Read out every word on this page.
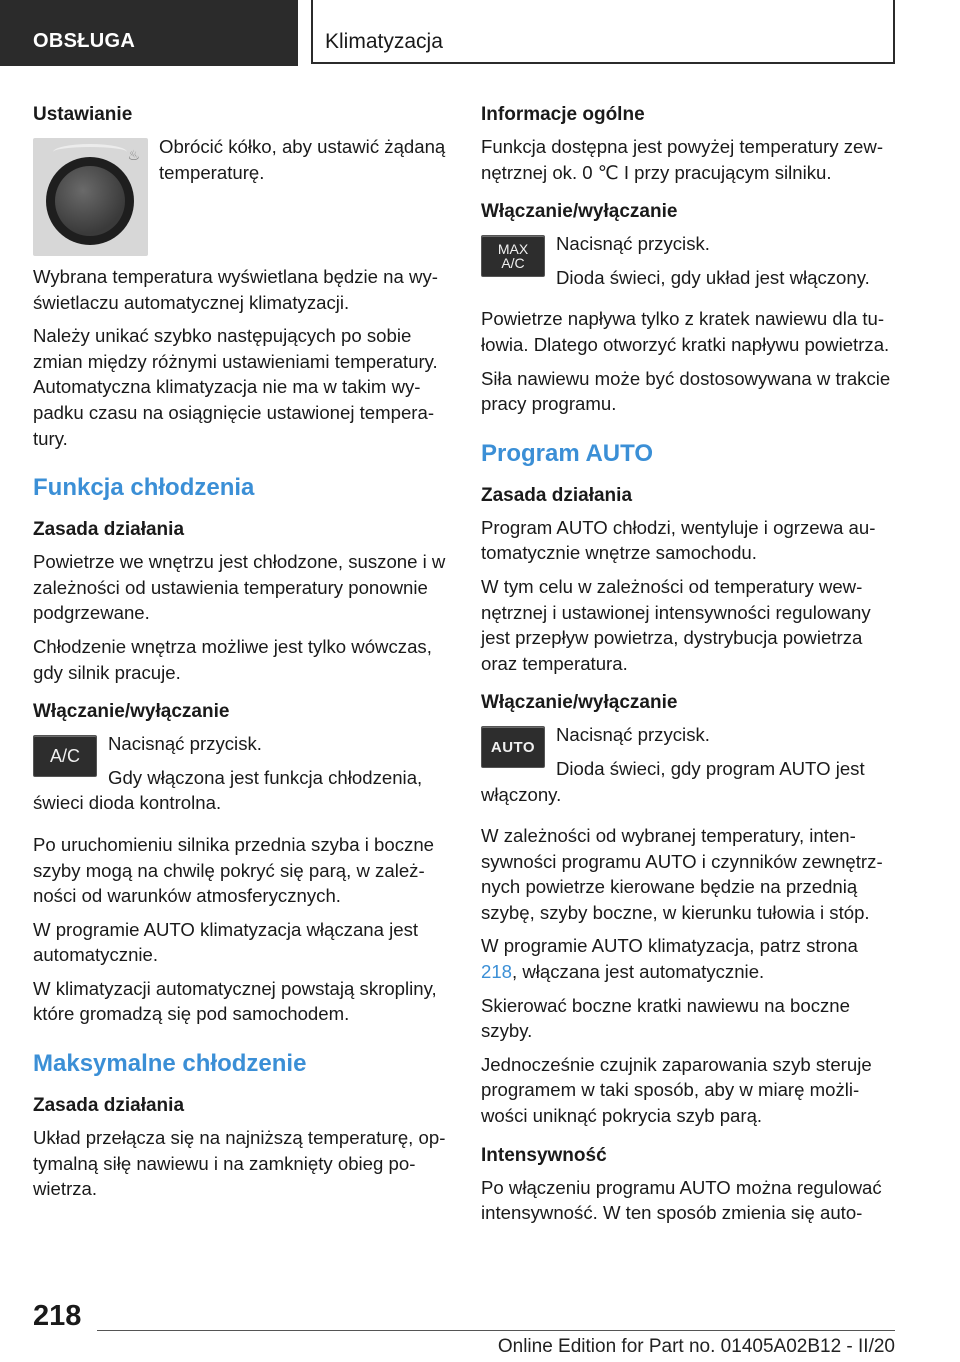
OBSŁUGA	Klimatyzacja
Ustawianie
♨ Obrócić kółko, aby ustawić żądaną temperaturę.

Wybrana temperatura wyświetlana będzie na wyświetlaczu automatycznej klimatyzacji.

Należy unikać szybko następujących po sobie zmian między różnymi ustawieniami temperatury. Automatyczna klimatyzacja nie ma w takim wypadku czasu na osiągnięcie ustawionej temperatury.

Funkcja chłodzenia
Zasada działania

Powietrze we wnętrzu jest chłodzone, suszone i w zależności od ustawienia temperatury ponownie podgrzewane.

Chłodzenie wnętrza możliwe jest tylko wówczas, gdy silnik pracuje.

Włączanie/wyłączanie
A/C

Nacisnąć przycisk.

Gdy włączona jest funkcja chłodzenia, świeci dioda kontrolna.

Po uruchomieniu silnika przednia szyba i boczne szyby mogą na chwilę pokryć się parą, w zależności od warunków atmosferycznych.

W programie AUTO klimatyzacja włączana jest automatycznie.

W klimatyzacji automatycznej powstają skropliny, które gromadzą się pod samochodem.

Maksymalne chłodzenie
Zasada działania

Układ przełącza się na najniższą temperaturę, optymalną siłę nawiewu i na zamknięty obieg powietrza.

Informacje ogólne

Funkcja dostępna jest powyżej temperatury zewnętrznej ok. 0 ℃ I przy pracującym silniku.

Włączanie/wyłączanie
MAX
A/C

Nacisnąć przycisk.

Dioda świeci, gdy układ jest włączony.

Powietrze napływa tylko z kratek nawiewu dla tułowia. Dlatego otworzyć kratki napływu powietrza.

Siła nawiewu może być dostosowywana w trakcie pracy programu.

Program AUTO
Zasada działania

Program AUTO chłodzi, wentyluje i ogrzewa automatycznie wnętrze samochodu.

W tym celu w zależności od temperatury wewnętrznej i ustawionej intensywności regulowany jest przepływ powietrza, dystrybucja powietrza oraz temperatura.

Włączanie/wyłączanie
AUTO

Nacisnąć przycisk.

Dioda świeci, gdy program AUTO jest włączony.

W zależności od wybranej temperatury, intensywności programu AUTO i czynników zewnętrznych powietrze kierowane będzie na przednią szybę, szyby boczne, w kierunku tułowia i stóp.

W programie AUTO klimatyzacja, patrz strona 218, włączana jest automatycznie.

Skierować boczne kratki nawiewu na boczne szyby.

Jednocześnie czujnik zaparowania szyb steruje programem w taki sposób, aby w miarę możliwości uniknąć pokrycia szyb parą.

Intensywność

Po włączeniu programu AUTO można regulować intensywność. W ten sposób zmienia się auto-

218
Online Edition for Part no. 01405A02B12 - II/20
